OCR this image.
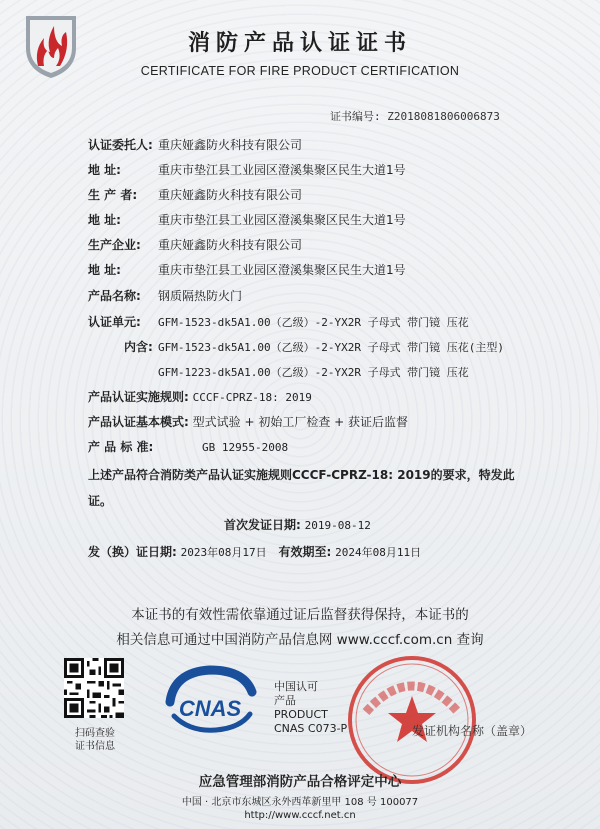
消防产品认证证书
CERTIFICATE FOR FIRE PRODUCT CERTIFICATION
证书编号: Z2018081806006873
认证委托人: 重庆娅鑫防火科技有限公司
地 址:	重庆市垫江县工业园区澄溪集聚区民生大道1号
生 产 者: 重庆娅鑫防火科技有限公司
地 址:	重庆市垫江县工业园区澄溪集聚区民生大道1号
生产企业: 重庆娅鑫防火科技有限公司
地 址:	重庆市垫江县工业园区澄溪集聚区民生大道1号
产品名称: 钢质隔热防火门
认证单元: GFM-1523-dk5A1.00（乙级）-2-YX2R 子母式 带门镜 压花
内含: GFM-1523-dk5A1.00（乙级）-2-YX2R 子母式 带门镜 压花(主型)
GFM-1223-dk5A1.00（乙级）-2-YX2R 子母式 带门镜 压花
产品认证实施规则: CCCF-CPRZ-18: 2019
产品认证基本模式: 型式试验 + 初始工厂检查 + 获证后监督
产 品 标 准:	GB 12955-2008
上述产品符合消防类产品认证实施规则CCCF-CPRZ-18: 2019的要求，特发此证。
首次发证日期: 2019-08-12
发（换）证日期: 2023年08月17日 有效期至: 2024年08月11日
本证书的有效性需依靠通过证后监督获得保持，本证书的
相关信息可通过中国消防产品信息网 www.cccf.com.cn 查询
扫码查验
证书信息
CNAS
中国认可
产品
PRODUCT
CNAS C073-P	发证机构名称（盖章）
应急管理部消防产品合格评定中心
中国 · 北京市东城区永外西革新里甲 108 号 100077
http://www.cccf.net.cn
